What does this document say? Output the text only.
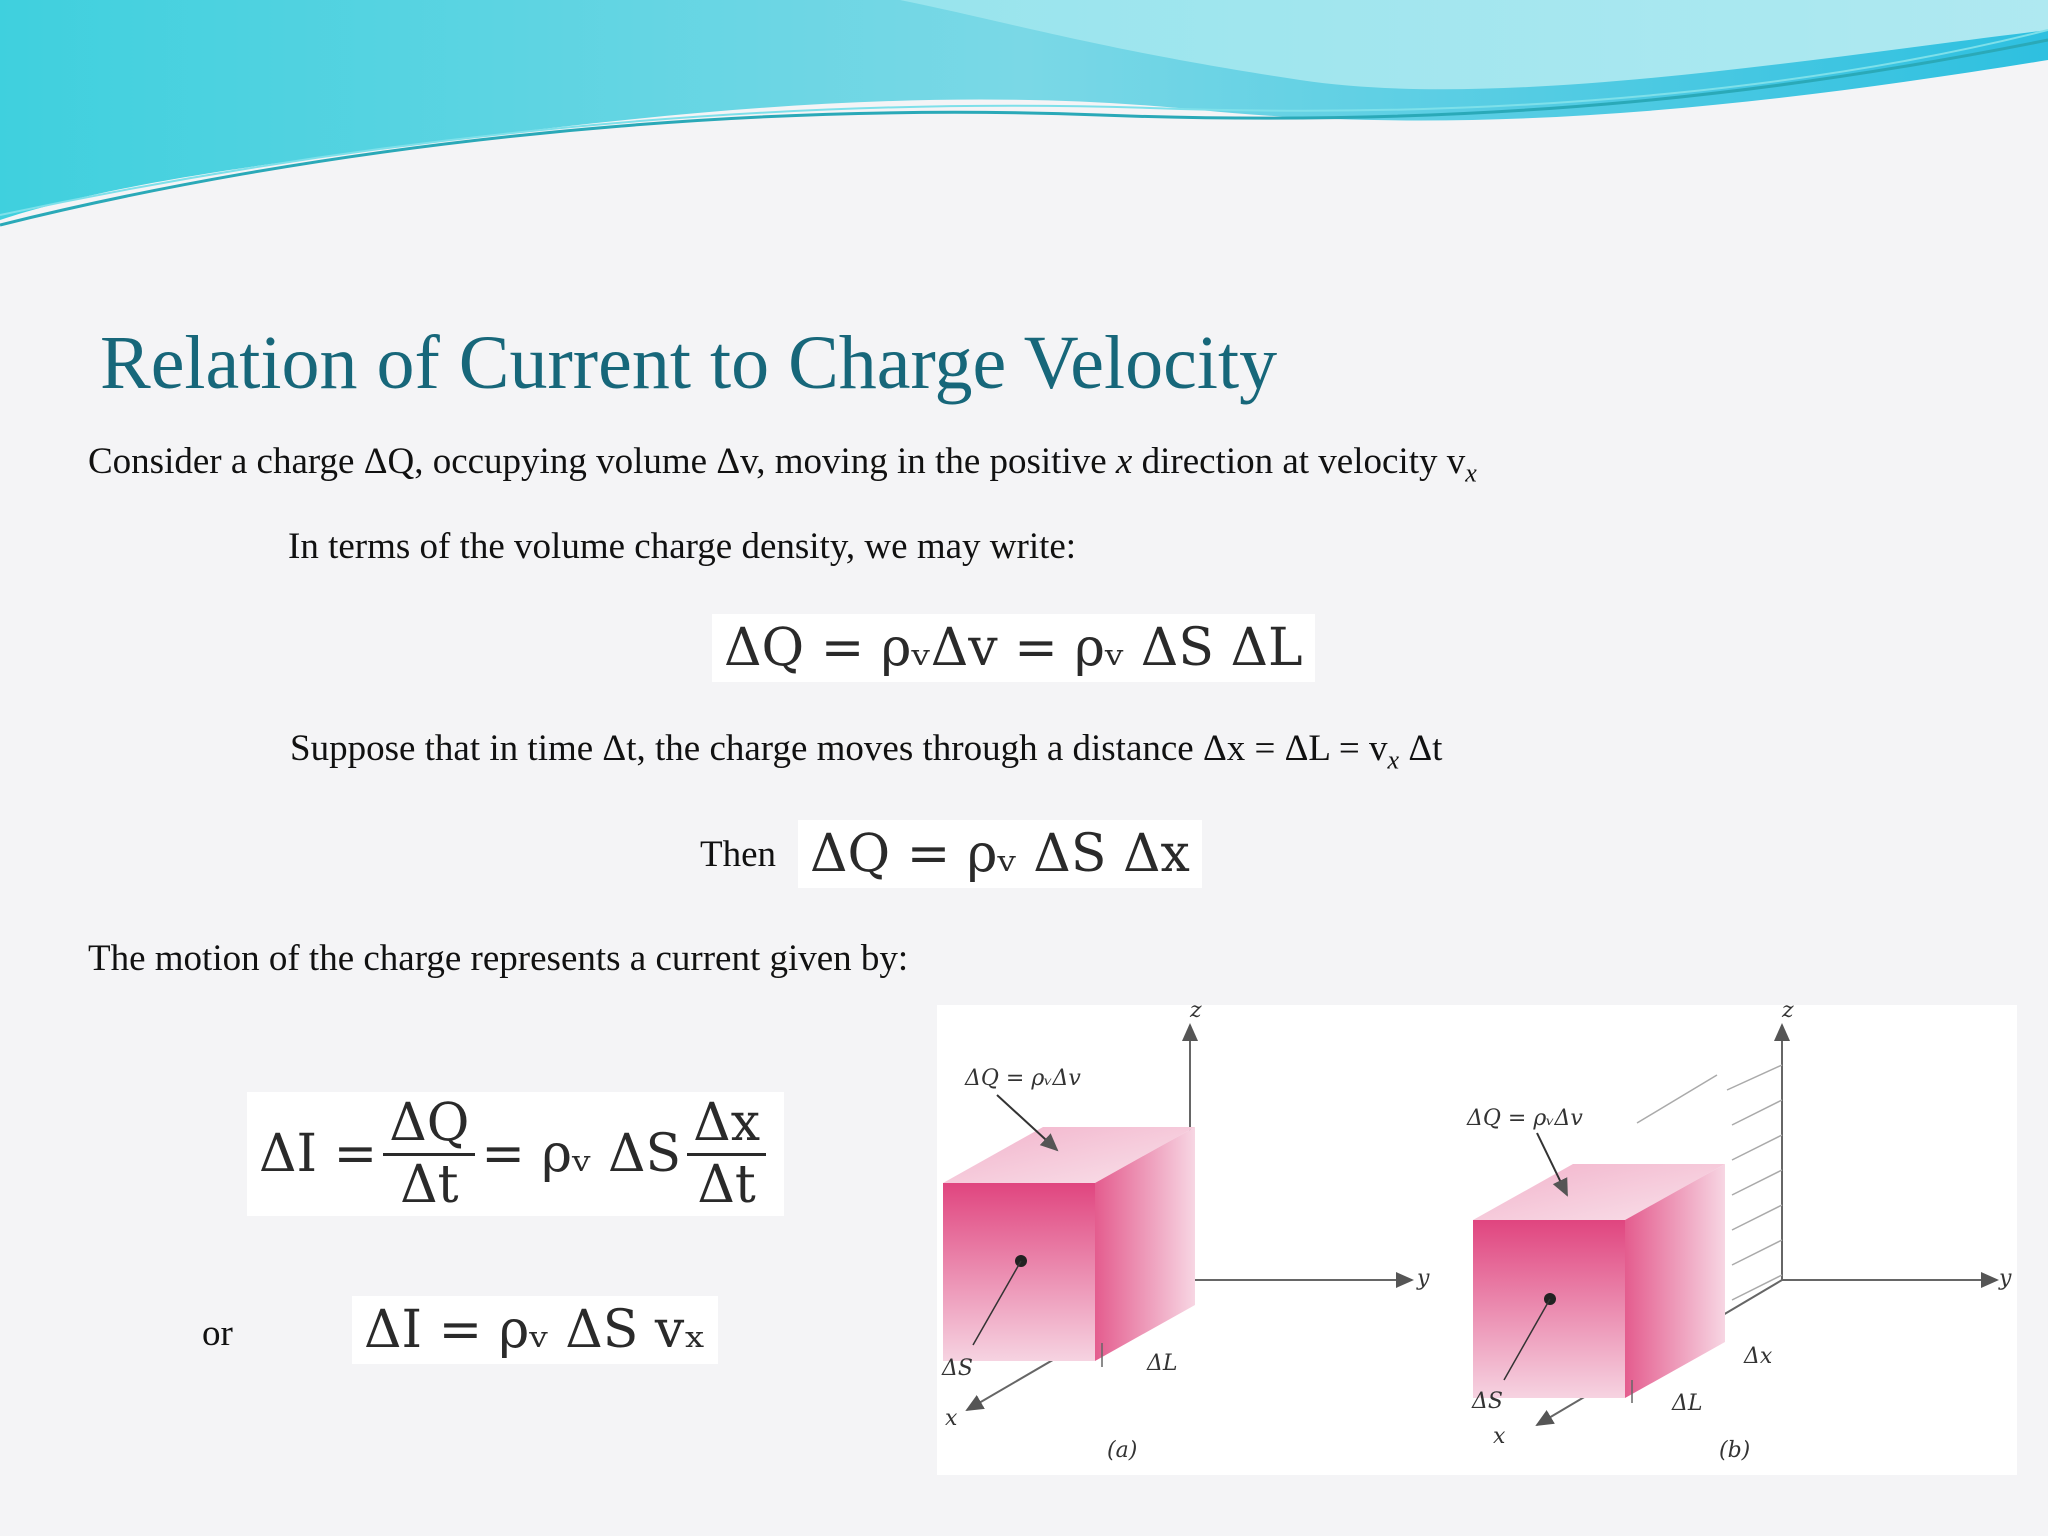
Relation of Current to Charge Velocity
Consider a charge ΔQ, occupying volume Δv, moving in the positive x direction at velocity $v_x$
In terms of the volume charge density, we may write:
ΔQ = ρᵥΔv = ρᵥ ΔS ΔL
Suppose that in time Δt, the charge moves through a distance $\Delta x = \Delta L = v_x$ Δt
Then ΔQ = ρᵥ ΔS Δx
The motion of the charge represents a current given by:
$\Delta I = \frac{\Delta Q}{\Delta t}$ = ρᵥ ΔS $\frac{\Delta x}{\Delta t}$
or	ΔI = ρᵥ ΔS vₓ
ΔQ = ρᵥΔv
ΔS	ΔL
z
y
x
(a)
ΔQ = ρᵥΔv
ΔS	ΔL
Δx
z
y
x
(b)
